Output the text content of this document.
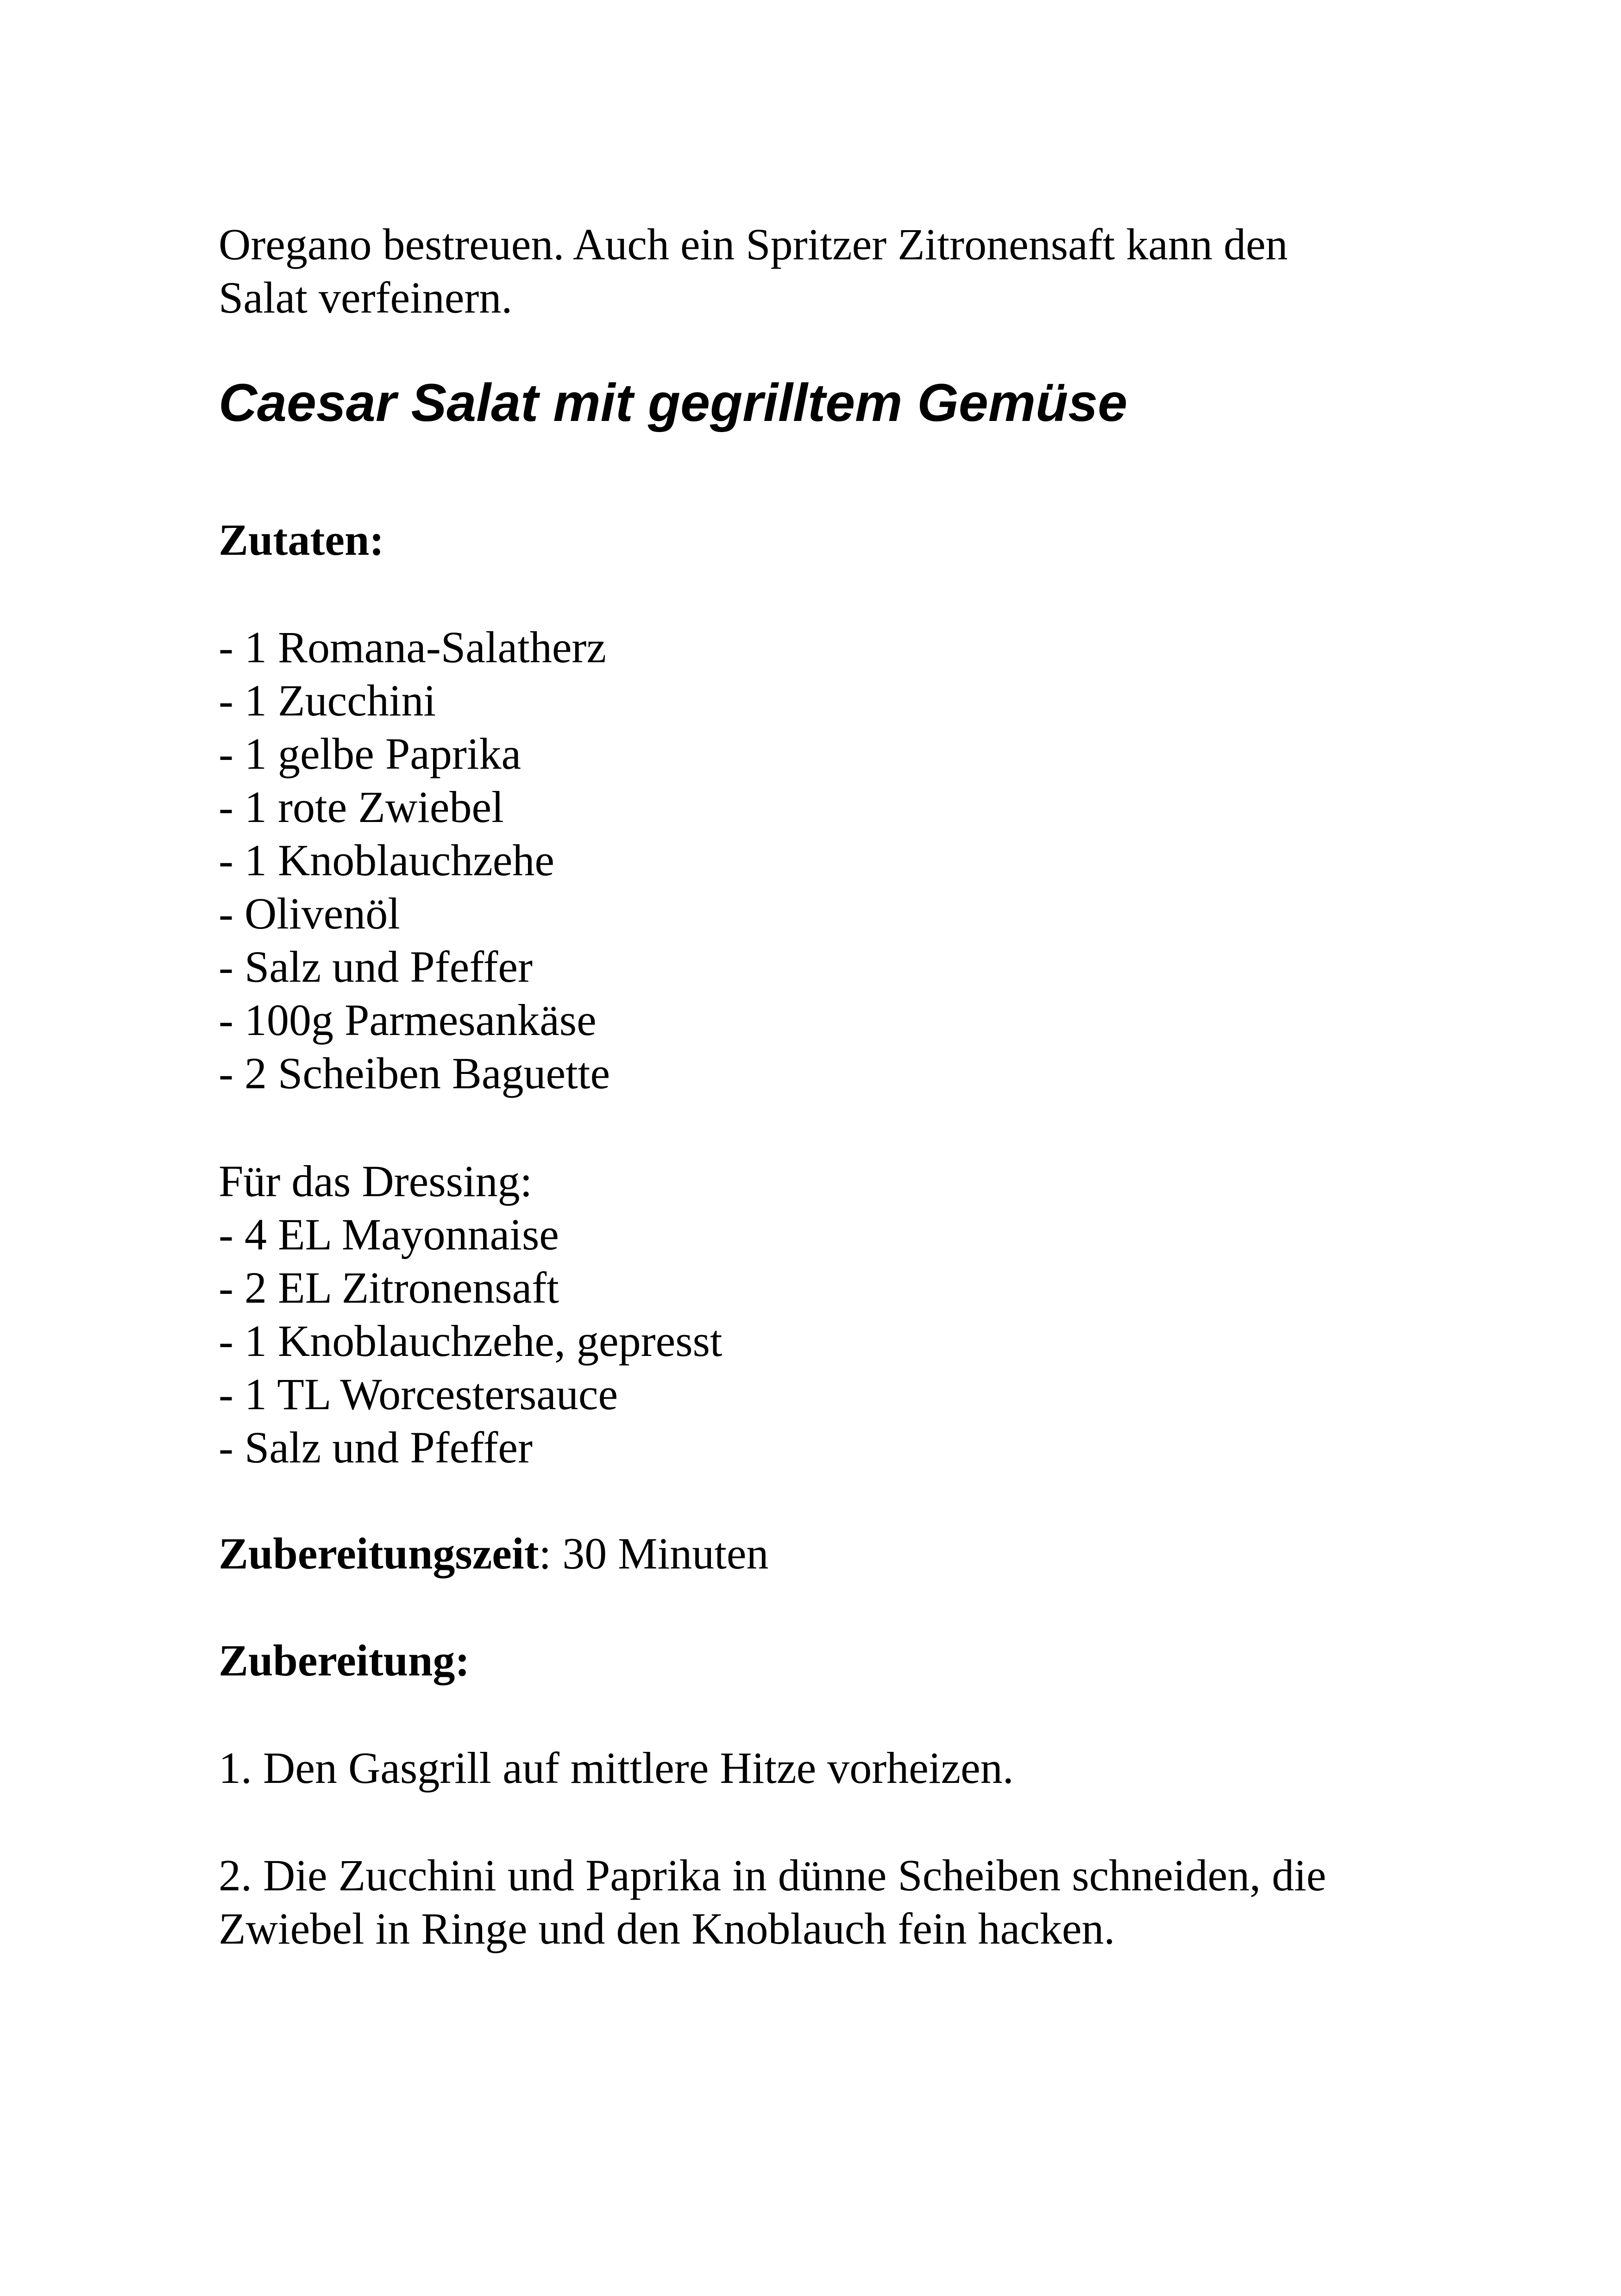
Oregano bestreuen. Auch ein Spritzer Zitronensaft kann den
Salat verfeinern.

Caesar Salat mit gegrilltem Gemüse

Zutaten:

- 1 Romana-Salatherz
- 1 Zucchini
- 1 gelbe Paprika
- 1 rote Zwiebel
- 1 Knoblauchzehe
- Olivenöl
- Salz und Pfeffer
- 100g Parmesankäse
- 2 Scheiben Baguette
Für das Dressing:
- 4 EL Mayonnaise
- 2 EL Zitronensaft
- 1 Knoblauchzehe, gepresst
- 1 TL Worcestersauce
- Salz und Pfeffer

Zubereitungszeit: 30 Minuten

Zubereitung:

1. Den Gasgrill auf mittlere Hitze vorheizen.

2. Die Zucchini und Paprika in dünne Scheiben schneiden, die
Zwiebel in Ringe und den Knoblauch fein hacken.
